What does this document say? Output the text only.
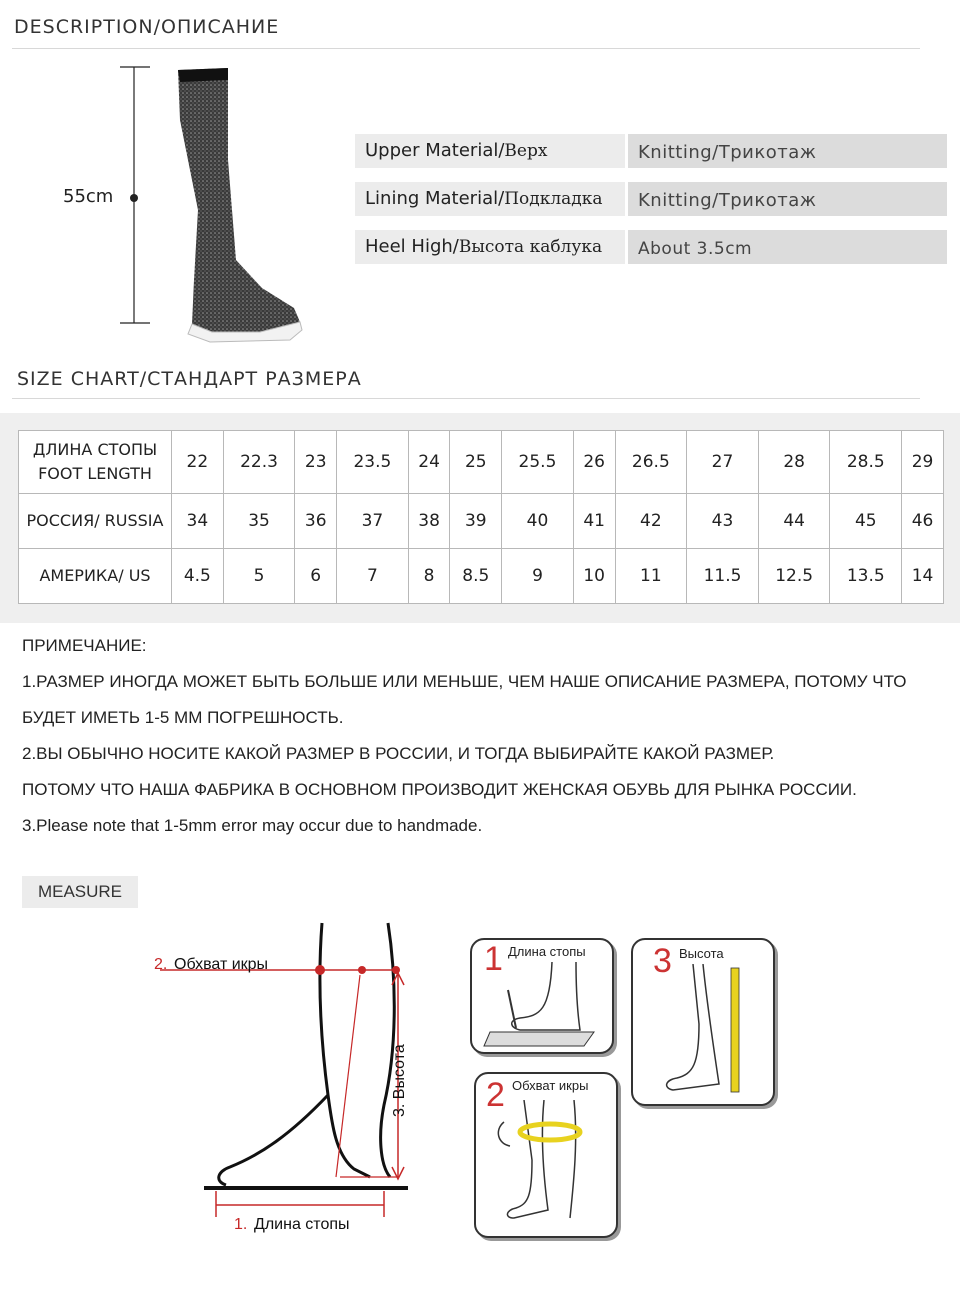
DESCRIPTION/ОПИСАНИЕ
55cm
Upper Material/Верх	Knitting/Трикотаж
Lining Material/Подкладка	Knitting/Трикотаж
Heel High/Высота каблука	About 3.5cm
SIZE CHART/СТАНДАРТ РАЗМЕРА
ДЛИНА СТОПЫ
FOOT LENGTH	22	22.3	23	23.5	24	25	25.5	26	26.5	27	28	28.5	29
РОССИЯ/ RUSSIA	34	35	36	37	38	39	40	41	42	43	44	45	46
АМЕРИКА/ US	4.5	5	6	7	8	8.5	9	10	11	11.5	12.5	13.5	14
ПРИМЕЧАНИЕ:
1.РАЗМЕР ИНОГДА МОЖЕТ БЫТЬ БОЛЬШЕ ИЛИ МЕНЬШЕ, ЧЕМ НАШЕ ОПИСАНИЕ РАЗМЕРА, ПОТОМУ ЧТО
БУДЕТ ИМЕТЬ 1-5 ММ ПОГРЕШНОСТЬ.
2.ВЫ ОБЫЧНО НОСИТЕ КАКОЙ РАЗМЕР В РОССИИ, И ТОГДА ВЫБИРАЙТЕ КАКОЙ РАЗМЕР.
ПОТОМУ ЧТО НАША ФАБРИКА В ОСНОВНОМ ПРОИЗВОДИТ ЖЕНСКАЯ ОБУВЬ ДЛЯ РЫНКА РОССИИ.
3.Please note that 1-5mm error may occur due to handmade.
MEASURE
2. Обхват икры
3. Высота
1. Длина стопы
1 Длина стопы 3 Высота
2 Обхват икры
